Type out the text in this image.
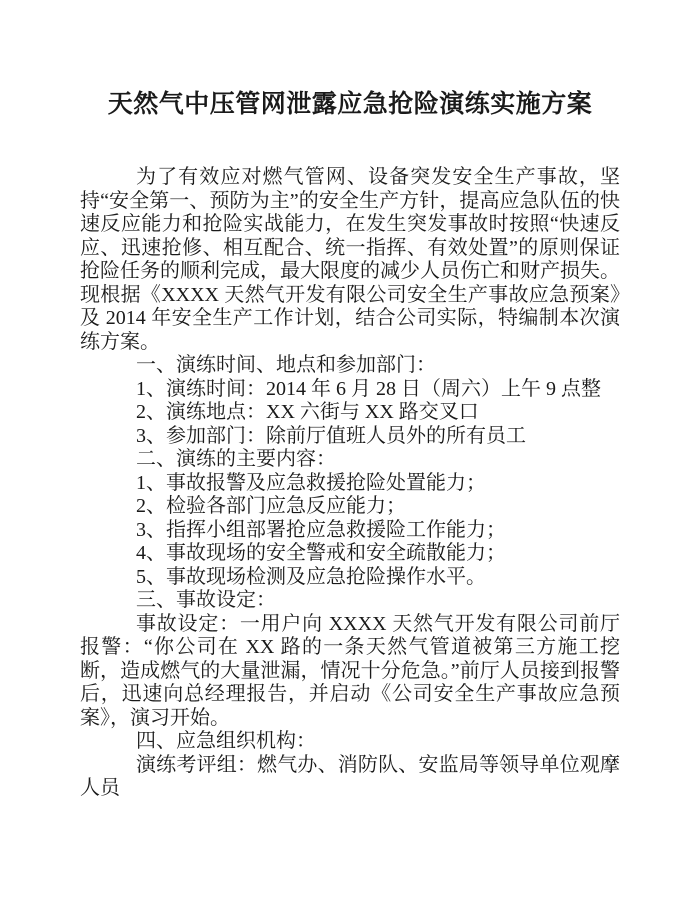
天然气中压管网泄露应急抢险演练实施方案

为了有效应对燃气管网、设备突发安全生产事故，坚持“安全第一、预防为主”的安全生产方针，提高应急队伍的快速反应能力和抢险实战能力，在发生突发事故时按照“快速反应、迅速抢修、相互配合、统一指挥、有效处置”的原则保证抢险任务的顺利完成，最大限度的减少人员伤亡和财产损失。现根据《XXXX 天然气开发有限公司安全生产事故应急预案》及 2014 年安全生产工作计划，结合公司实际，特编制本次演练方案。

一、演练时间、地点和参加部门：

1、演练时间：2014 年 6 月 28 日（周六）上午 9 点整

2、演练地点：XX 六街与 XX 路交叉口

3、参加部门：除前厅值班人员外的所有员工

二、演练的主要内容：

1、事故报警及应急救援抢险处置能力；

2、检验各部门应急反应能力；

3、指挥小组部署抢应急救援险工作能力；

4、事故现场的安全警戒和安全疏散能力；

5、事故现场检测及应急抢险操作水平。

三、事故设定：

事故设定：一用户向 XXXX 天然气开发有限公司前厅报警：“你公司在 XX 路的一条天然气管道被第三方施工挖断，造成燃气的大量泄漏，情况十分危急。”前厅人员接到报警后，迅速向总经理报告，并启动《公司安全生产事故应急预案》，演习开始。

四、应急组织机构：

演练考评组：燃气办、消防队、安监局等领导单位观摩人员
